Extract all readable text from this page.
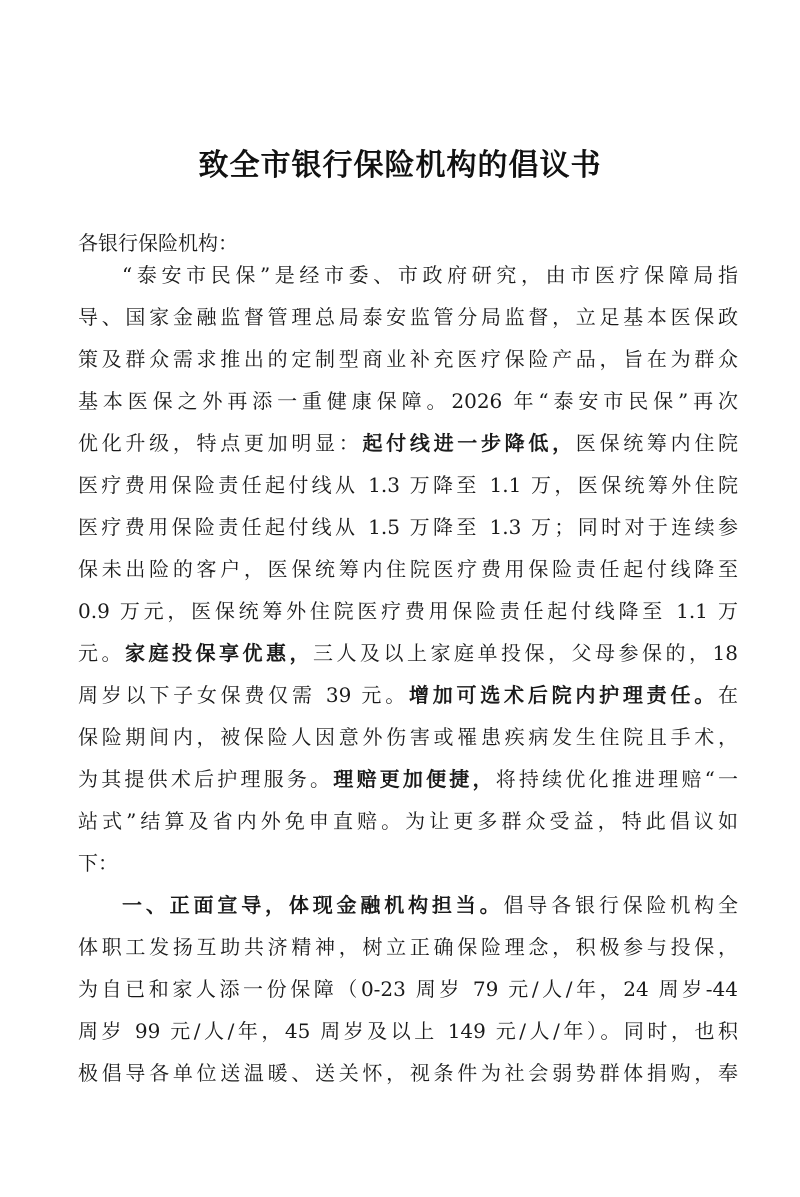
致全市银行保险机构的倡议书
各银行保险机构：
“泰安市民保”是经市委、市政府研究，由市医疗保障局指
导、国家金融监督管理总局泰安监管分局监督，立足基本医保政
策及群众需求推出的定制型商业补充医疗保险产品，旨在为群众
基本医保之外再添一重健康保障。2026 年“泰安市民保”再次
优化升级，特点更加明显：起付线进一步降低，医保统筹内住院
医疗费用保险责任起付线从 1.3 万降至 1.1 万，医保统筹外住院
医疗费用保险责任起付线从 1.5 万降至 1.3 万；同时对于连续参
保未出险的客户，医保统筹内住院医疗费用保险责任起付线降至
0.9 万元，医保统筹外住院医疗费用保险责任起付线降至 1.1 万
元。家庭投保享优惠，三人及以上家庭单投保，父母参保的，18
周岁以下子女保费仅需 39 元。增加可选术后院内护理责任。在
保险期间内，被保险人因意外伤害或罹患疾病发生住院且手术，
为其提供术后护理服务。理赔更加便捷，将持续优化推进理赔“一
站式”结算及省内外免申直赔。为让更多群众受益，特此倡议如
下：
一、正面宣导，体现金融机构担当。倡导各银行保险机构全
体职工发扬互助共济精神，树立正确保险理念，积极参与投保，
为自已和家人添一份保障（0-23 周岁 79 元/人/年，24 周岁-44
周岁 99 元/人/年，45 周岁及以上 149 元/人/年）。同时，也积
极倡导各单位送温暖、送关怀，视条件为社会弱势群体捐购，奉
